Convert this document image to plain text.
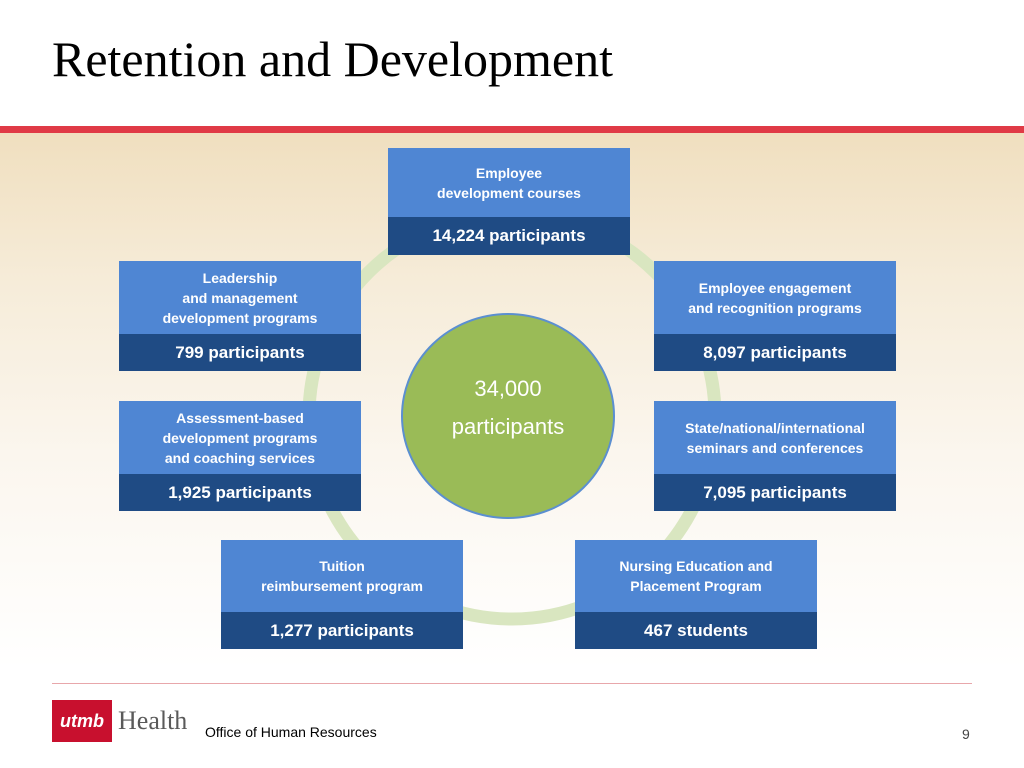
Retention and Development
34,000
participants
Employee
development courses
14,224 participants
Leadership
and management
development programs
799 participants
Employee engagement
and recognition programs
8,097 participants
Assessment-based
development programs
and coaching services
1,925 participants
State/national/international
seminars and conferences
7,095 participants
Tuition
reimbursement program
1,277 participants
Nursing Education and
Placement Program
467 students
utmb Health Office of Human Resources	9
